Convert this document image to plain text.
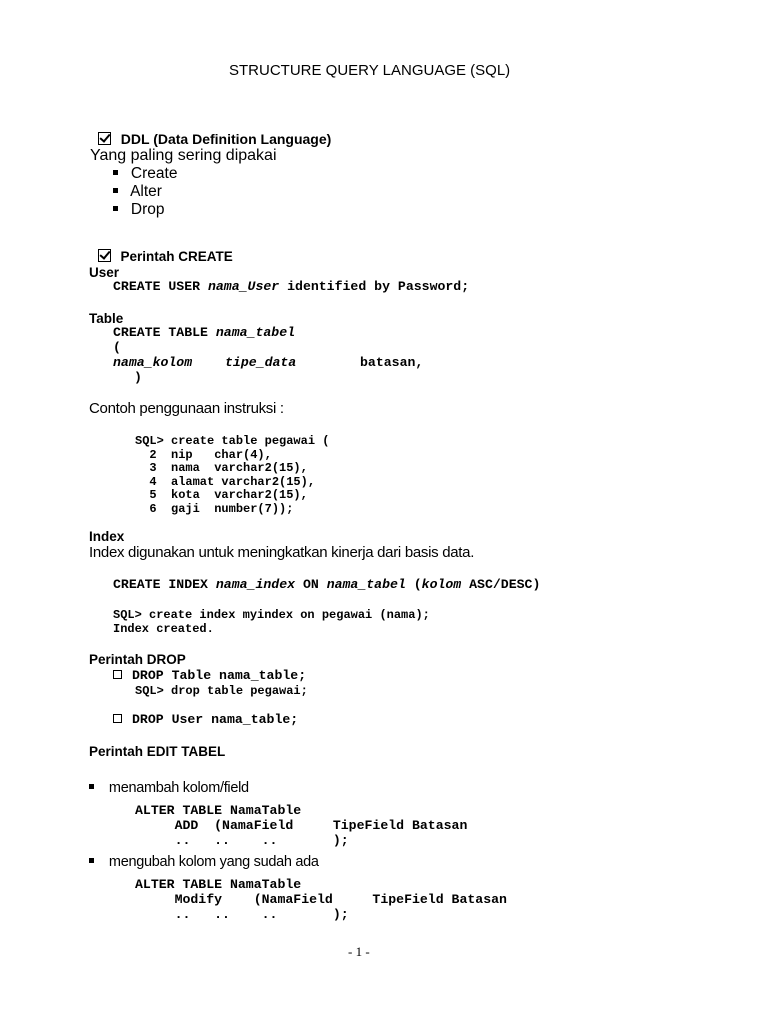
STRUCTURE QUERY LANGUAGE (SQL)

DDL (Data Definition Language)

Yang paling sering dipakai
Create
Alter
Drop

Perintah CREATE

User
CREATE USER nama_User identified by Password;
Table
CREATE TABLE nama_tabel
(
nama_kolom tipe_data	batasan,
)
Contoh penggunaan instruksi :
SQL> create table pegawai (
2  nip   char(4),
3  nama  varchar2(15),
4  alamat varchar2(15),
5  kota  varchar2(15),
6  gaji  number(7));
Index
Index digunakan untuk meningkatkan kinerja dari basis data.
CREATE INDEX nama_index ON nama_tabel (kolom ASC/DESC)
SQL> create index myindex on pegawai (nama);
Index created.
Perintah DROP
DROP Table nama_table;
SQL> drop table pegawai;
DROP User nama_table;
Perintah EDIT TABEL
menambah kolom/field
ALTER TABLE NamaTable
ADD  (NamaField     TipeField Batasan
..   ..    ..       );
mengubah kolom yang sudah ada
ALTER TABLE NamaTable
Modify    (NamaField     TipeField Batasan
..   ..    ..       );
- 1 -
